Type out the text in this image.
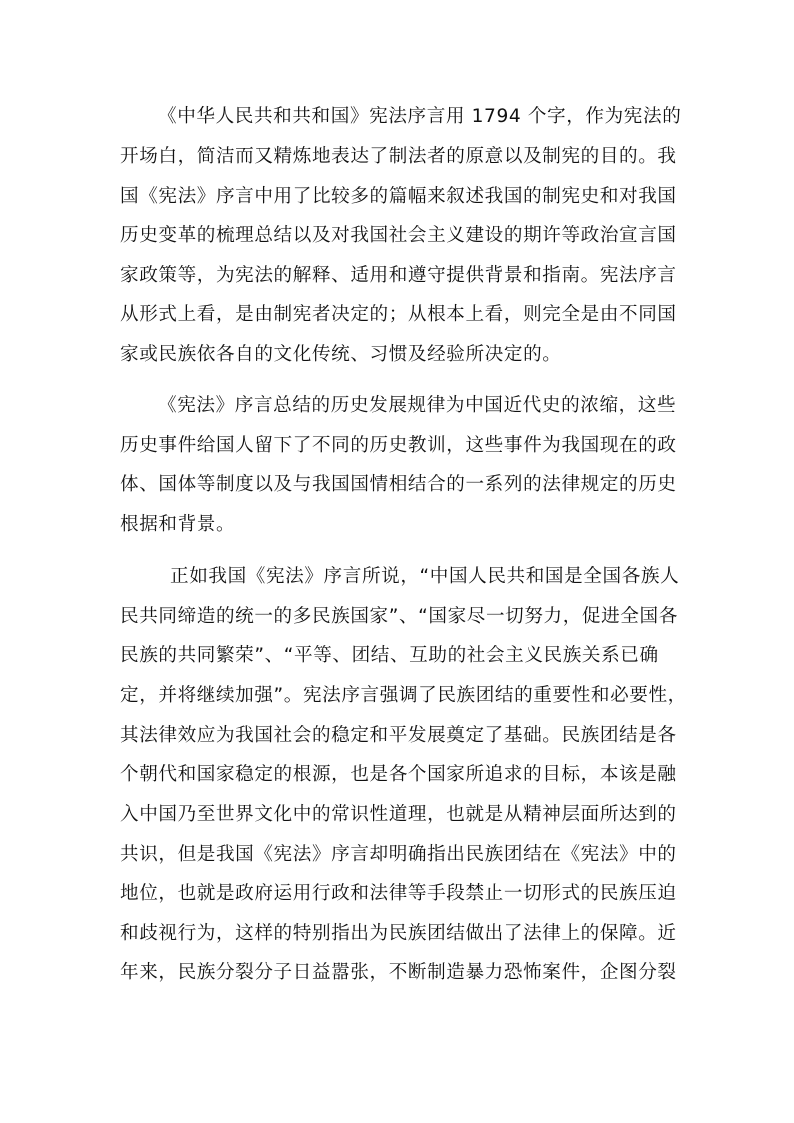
《中华人民共和共和国》宪法序言用 1794 个字，作为宪法的
开场白，简洁而又精炼地表达了制法者的原意以及制宪的目的。我
国《宪法》序言中用了比较多的篇幅来叙述我国的制宪史和对我国
历史变革的梳理总结以及对我国社会主义建设的期许等政治宣言国
家政策等，为宪法的解释、适用和遵守提供背景和指南。宪法序言
从形式上看，是由制宪者决定的；从根本上看，则完全是由不同国
家或民族依各自的文化传统、习惯及经验所决定的。
《宪法》序言总结的历史发展规律为中国近代史的浓缩，这些
历史事件给国人留下了不同的历史教训，这些事件为我国现在的政
体、国体等制度以及与我国国情相结合的一系列的法律规定的历史
根据和背景。
正如我国《宪法》序言所说，“中国人民共和国是全国各族人
民共同缔造的统一的多民族国家”、“国家尽一切努力，促进全国各
民族的共同繁荣”、“平等、团结、互助的社会主义民族关系已确
定，并将继续加强”。宪法序言强调了民族团结的重要性和必要性，
其法律效应为我国社会的稳定和平发展奠定了基础。民族团结是各
个朝代和国家稳定的根源，也是各个国家所追求的目标，本该是融
入中国乃至世界文化中的常识性道理，也就是从精神层面所达到的
共识，但是我国《宪法》序言却明确指出民族团结在《宪法》中的
地位，也就是政府运用行政和法律等手段禁止一切形式的民族压迫
和歧视行为，这样的特别指出为民族团结做出了法律上的保障。近
年来，民族分裂分子日益嚣张，不断制造暴力恐怖案件，企图分裂
